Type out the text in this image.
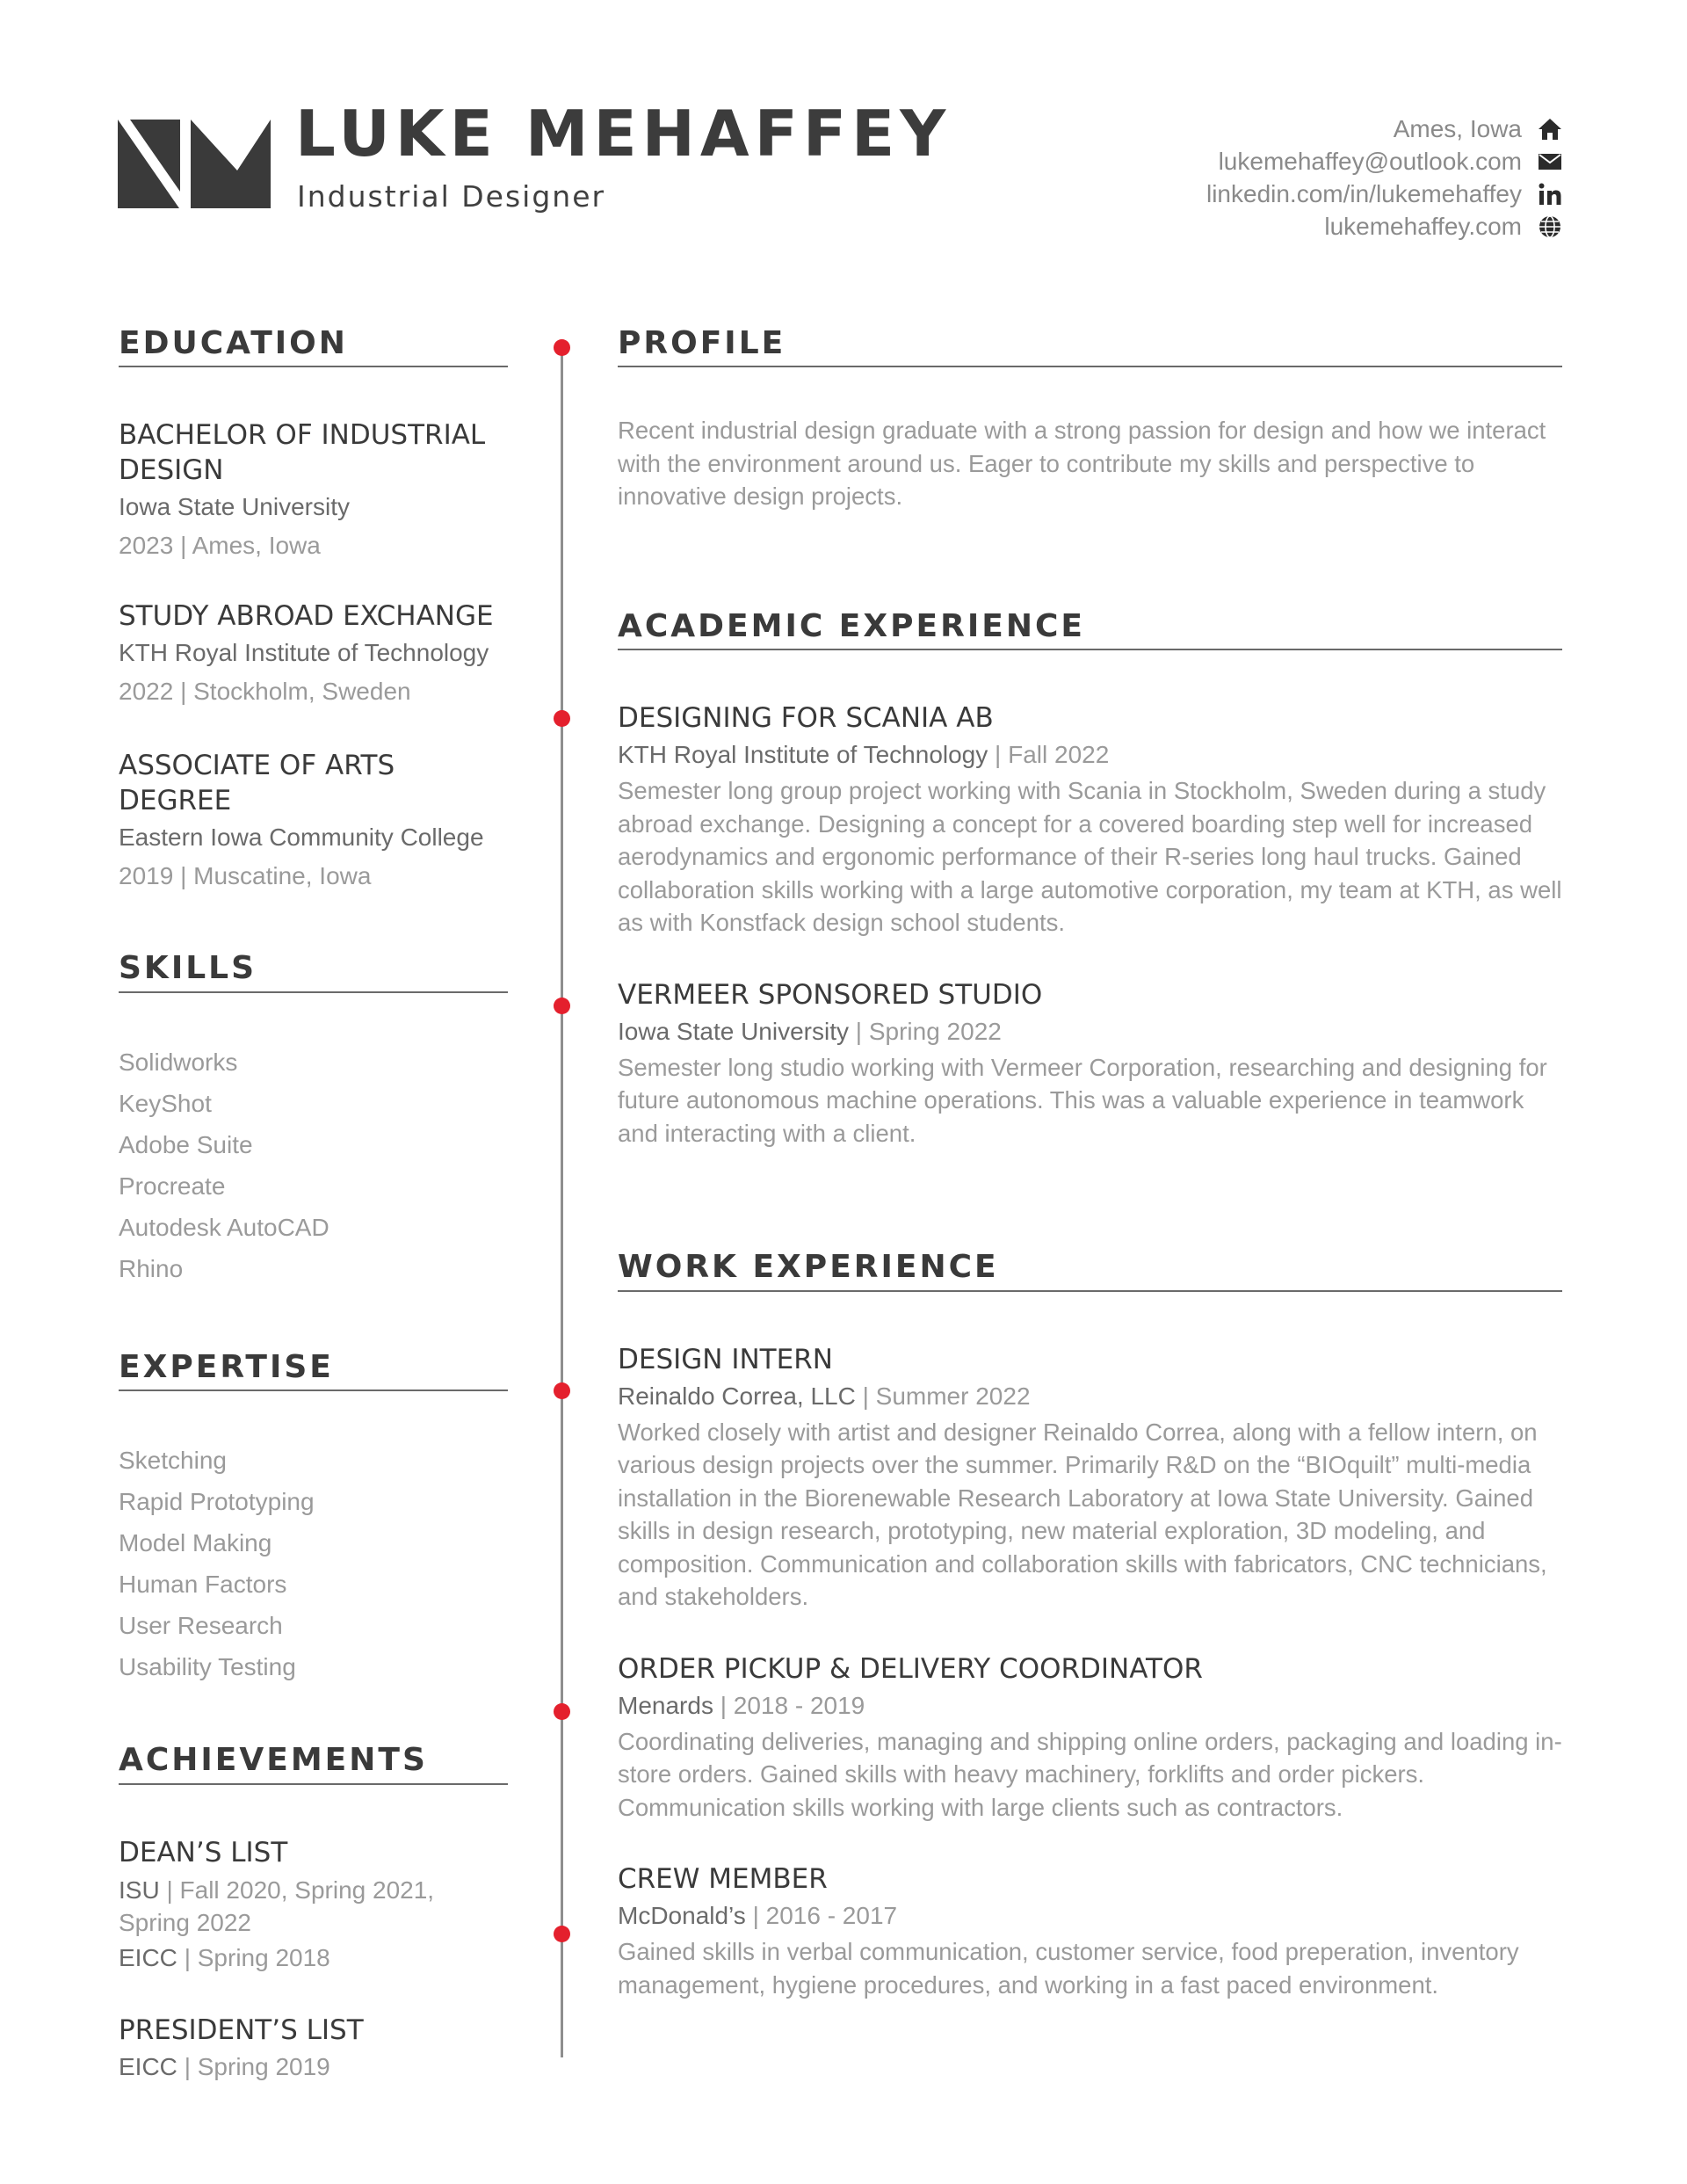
LUKE MEHAFFEY
Industrial Designer
Ames, Iowa
lukemehaffey@outlook.com
linkedin.com/in/lukemehaffey
lukemehaffey.com
EDUCATION
BACHELOR OF INDUSTRIAL DESIGN
Iowa State University
2023 | Ames, Iowa
STUDY ABROAD EXCHANGE
KTH Royal Institute of Technology
2022 | Stockholm, Sweden
ASSOCIATE OF ARTS DEGREE
Eastern Iowa Community College
2019 | Muscatine, Iowa
SKILLS
Solidworks
KeyShot
Adobe Suite
Procreate
Autodesk AutoCAD
Rhino
EXPERTISE
Sketching
Rapid Prototyping
Model Making
Human Factors
User Research
Usability Testing
ACHIEVEMENTS
DEAN’S LIST
ISU | Fall 2020, Spring 2021, Spring 2022
EICC | Spring 2018
PRESIDENT’S LIST
EICC | Spring 2019
PROFILE
Recent industrial design graduate with a strong passion for design and how we interact with the environment around us. Eager to contribute my skills and perspective to innovative design projects.
ACADEMIC EXPERIENCE
DESIGNING FOR SCANIA AB
KTH Royal Institute of Technology | Fall 2022
Semester long group project working with Scania in Stockholm, Sweden during a study abroad exchange. Designing a concept for a covered boarding step well for increased aerodynamics and ergonomic performance of their R-series long haul trucks. Gained collaboration skills working with a large automotive corporation, my team at KTH, as well as with Konstfack design school students.
VERMEER SPONSORED STUDIO
Iowa State University | Spring 2022
Semester long studio working with Vermeer Corporation, researching and designing for future autonomous machine operations. This was a valuable experience in teamwork and interacting with a client.
WORK EXPERIENCE
DESIGN INTERN
Reinaldo Correa, LLC | Summer 2022
Worked closely with artist and designer Reinaldo Correa, along with a fellow intern, on various design projects over the summer. Primarily R&D on the “BIOquilt” multi-media installation in the Biorenewable Research Laboratory at Iowa State University. Gained skills in design research, prototyping, new material exploration, 3D modeling, and composition. Communication and collaboration skills with fabricators, CNC technicians, and stakeholders.
ORDER PICKUP & DELIVERY COORDINATOR
Menards | 2018 - 2019
Coordinating deliveries, managing and shipping online orders, packaging and loading in-store orders. Gained skills with heavy machinery, forklifts and order pickers. Communication skills working with large clients such as contractors.
CREW MEMBER
McDonald’s | 2016 - 2017
Gained skills in verbal communication, customer service, food preperation, inventory management, hygiene procedures, and working in a fast paced environment.
